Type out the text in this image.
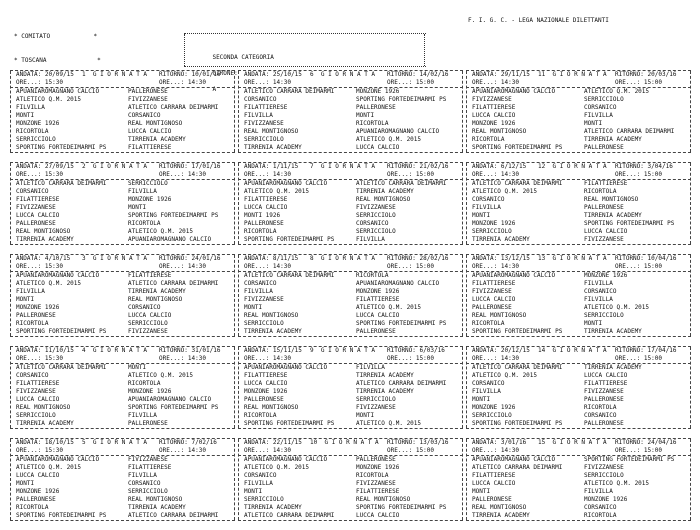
* COMITATO            *

* TOSCANA              *

F. I. G. C. - LEGA NAZIONALE DILETTANTI

SECONDA CATEGORIA

GIRONE:

A

ANDATA: 20/09/15	1 G I O R N A T A	RITORNO: 10/01/16
ORE...: 15:30	ORE...: 14:30
APUANIAROMAGNANO CALCIO	PALLERONESE
ATLETICO Q.M. 2015	FIVIZZANESE
FILVILLA	ATLETICO CARRARA DEIMARMI
MONTI	CORSANICO
MONZONE 1926	REAL MONTIGNOSO
RICORTOLA	LUCCA CALCIO
SERRICCIOLO	TIRRENIA ACADEMY
SPORTING FORTEDEIMARMI PS	FILATTIERESE
ANDATA: 27/09/15	2 G I O R N A T A	RITORNO: 17/01/16
ORE...: 15:30	ORE...: 14:30
ATLETICO CARRARA DEIMARMI	SERRICCIOLO
CORSANICO	FILVILLA
FILATTIERESE	MONZONE 1926
FIVIZZANESE	MONTI
LUCCA CALCIO	SPORTING FORTEDEIMARMI PS
PALLERONESE	RICORTOLA
REAL MONTIGNOSO	ATLETICO Q.M. 2015
TIRRENIA ACADEMY	APUANIAROMAGNANO CALCIO
ANDATA: 4/10/15	3 G I O R N A T A	RITORNO: 24/01/16
ORE...: 15:30	ORE...: 14:30
APUANIAROMAGNANO CALCIO	FILATTIERESE
ATLETICO Q.M. 2015	ATLETICO CARRARA DEIMARMI
FILVILLA	TIRRENIA ACADEMY
MONTI	REAL MONTIGNOSO
MONZONE 1926	CORSANICO
PALLERONESE	LUCCA CALCIO
RICORTOLA	SERRICCIOLO
SPORTING FORTEDEIMARMI PS	FIVIZZANESE
ANDATA: 11/10/15	4 G I O R N A T A	RITORNO: 31/01/16
ORE...: 15:30	ORE...: 14:30
ATLETICO CARRARA DEIMARMI	MONTI
CORSANICO	ATLETICO Q.M. 2015
FILATTIERESE	RICORTOLA
FIVIZZANESE	MONZONE 1926
LUCCA CALCIO	APUANIAROMAGNANO CALCIO
REAL MONTIGNOSO	SPORTING FORTEDEIMARMI PS
SERRICCIOLO	FILVILLA
TIRRENIA ACADEMY	PALLERONESE
ANDATA: 18/10/15	5 G I O R N A T A	RITORNO: 7/02/16
ORE...: 15:30	ORE...: 14:30
APUANIAROMAGNANO CALCIO	FIVIZZANESE
ATLETICO Q.M. 2015	FILATTIERESE
LUCCA CALCIO	FILVILLA
MONTI	CORSANICO
MONZONE 1926	SERRICCIOLO
PALLERONESE	REAL MONTIGNOSO
RICORTOLA	TIRRENIA ACADEMY
SPORTING FORTEDEIMARMI PS	ATLETICO CARRARA DEIMARMI
ANDATA: 25/10/15	6 G I O R N A T A	RITORNO: 14/02/16
ORE...: 14:30	ORE...: 15:00
ATLETICO CARRARA DEIMARMI	MONZONE 1926
CORSANICO	SPORTING FORTEDEIMARMI PS
FILATTIERESE	PALLERONESE
FILVILLA	MONTI
FIVIZZANESE	RICORTOLA
REAL MONTIGNOSO	APUANIAROMAGNANO CALCIO
SERRICCIOLO	ATLETICO Q.M. 2015
TIRRENIA ACADEMY	LUCCA CALCIO
ANDATA: 1/11/15	7 G I O R N A T A	RITORNO: 21/02/16
ORE...: 14:30	ORE...: 15:00
APUANIAROMAGNANO CALCIO	ATLETICO CARRARA DEIMARMI
ATLETICO Q.M. 2015	TIRRENIA ACADEMY
FILATTIERESE	REAL MONTIGNOSO
LUCCA CALCIO	FIVIZZANESE
MONTI 1926	SERRICCIOLO
PALLERONESE	CORSANICO
RICORTOLA	SERRICCIOLO
SPORTING FORTEDEIMARMI PS	FILVILLA
ANDATA: 8/11/15	8 G I O R N A T A	RITORNO: 28/02/16
ORE...: 14:30	ORE...: 15:00
ATLETICO CARRARA DEIMARMI	RICORTOLA
CORSANICO	APUANIAROMAGNANO CALCIO
FILVILLA	MONZONE 1926
FIVIZZANESE	FILATTIERESE
MONTI	ATLETICO Q.M. 2015
REAL MONTIGNOSO	LUCCA CALCIO
SERRICCIOLO	SPORTING FORTEDEIMARMI PS
TIRRENIA ACADEMY	PALLERONESE
ANDATA: 15/11/15	9 G I O R N A T A	RITORNO: 6/03/16
ORE...: 14:30	ORE...: 15:00
APUANIAROMAGNANO CALCIO	FILVILLA
FILATTIERESE	TIRRENIA ACADEMY
LUCCA CALCIO	ATLETICO CARRARA DEIMARMI
MONZONE 1926	TIRRENIA ACADEMY
PALLERONESE	SERRICCIOLO
REAL MONTIGNOSO	FIVIZZANESE
RICORTOLA	MONTI
SPORTING FORTEDEIMARMI PS	ATLETICO Q.M. 2015
ANDATA: 22/11/15	10 G I O R N A T A	RITORNO: 13/03/16
ORE...: 14:30	ORE...: 15:00
APUANIAROMAGNANO CALCIO	PALLERONESE
ATLETICO Q.M. 2015	MONZONE 1926
CORSANICO	RICORTOLA
FILVILLA	FIVIZZANESE
MONTI	FILATTIERESE
SERRICCIOLO	REAL MONTIGNOSO
TIRRENIA ACADEMY	SPORTING FORTEDEIMARMI PS
ATLETICO CARRARA DEIMARMI	LUCCA CALCIO
ANDATA: 29/11/15	11 G I O R N A T A	RITORNO: 20/03/16
ORE...: 14:30	ORE...: 15:00
APUANIAROMAGNANO CALCIO	ATLETICO Q.M. 2015
FIVIZZANESE	SERRICCIOLO
FILATTIERESE	CORSANICO
LUCCA CALCIO	FILVILLA
MONZONE 1926	MONTI
REAL MONTIGNOSO	ATLETICO CARRARA DEIMARMI
RICORTOLA	TIRRENIA ACADEMY
SPORTING FORTEDEIMARMI PS	PALLERONESE
ANDATA: 6/12/15	12 G I O R N A T A	RITORNO: 3/04/16
ORE...: 14:30	ORE...: 15:00
ATLETICO CARRARA DEIMARMI	FILATTIERESE
ATLETICO Q.M. 2015	RICORTOLA
CORSANICO	REAL MONTIGNOSO
FILVILLA	PALLERONESE
MONTI	TIRRENIA ACADEMY
MONZONE 1926	SPORTING FORTEDEIMARMI PS
SERRICCIOLO	LUCCA CALCIO
TIRRENIA ACADEMY	FIVIZZANESE
ANDATA: 13/12/15	13 G I O R N A T A	RITORNO: 10/04/16
ORE...: 14:30	ORE...: 15:00
APUANIAROMAGNANO CALCIO	MONZONE 1926
FILATTIERESE	FILVILLA
FIVIZZANESE	CORSANICO
LUCCA CALCIO	FILVILLA
PALLERONESE	ATLETICO Q.M. 2015
REAL MONTIGNOSO	SERRICCIOLO
RICORTOLA	MONTI
SPORTING FORTEDEIMARMI PS	TIRRENIA ACADEMY
ANDATA: 20/12/15	14 G I O R N A T A	RITORNO: 17/04/16
ORE...: 14:30	ORE...: 15:00
ATLETICO CARRARA DEIMARMI	TIRRENIA ACADEMY
ATLETICO Q.M. 2015	LUCCA CALCIO
CORSANICO	FILATTIERESE
FILVILLA	FIVIZZANESE
MONTI	PALLERONESE
MONZONE 1926	RICORTOLA
SERRICCIOLO	CORSANICO
SPORTING FORTEDEIMARMI PS	PALLERONESE
ANDATA: 3/01/16	15 G I O R N A T A	RITORNO: 24/04/16
ORE...: 14:30	ORE...: 15:00
APUANIAROMAGNANO CALCIO	SPORTING FORTEDEIMARMI PS
ATLETICO CARRARA DEIMARMI	FIVIZZANESE
FILATTIERESE	SERRICCIOLO
LUCCA CALCIO	ATLETICO Q.M. 2015
MONTI	FILVILLA
PALLERONESE	MONZONE 1926
REAL MONTIGNOSO	CORSANICO
TIRRENIA ACADEMY	RICORTOLA
